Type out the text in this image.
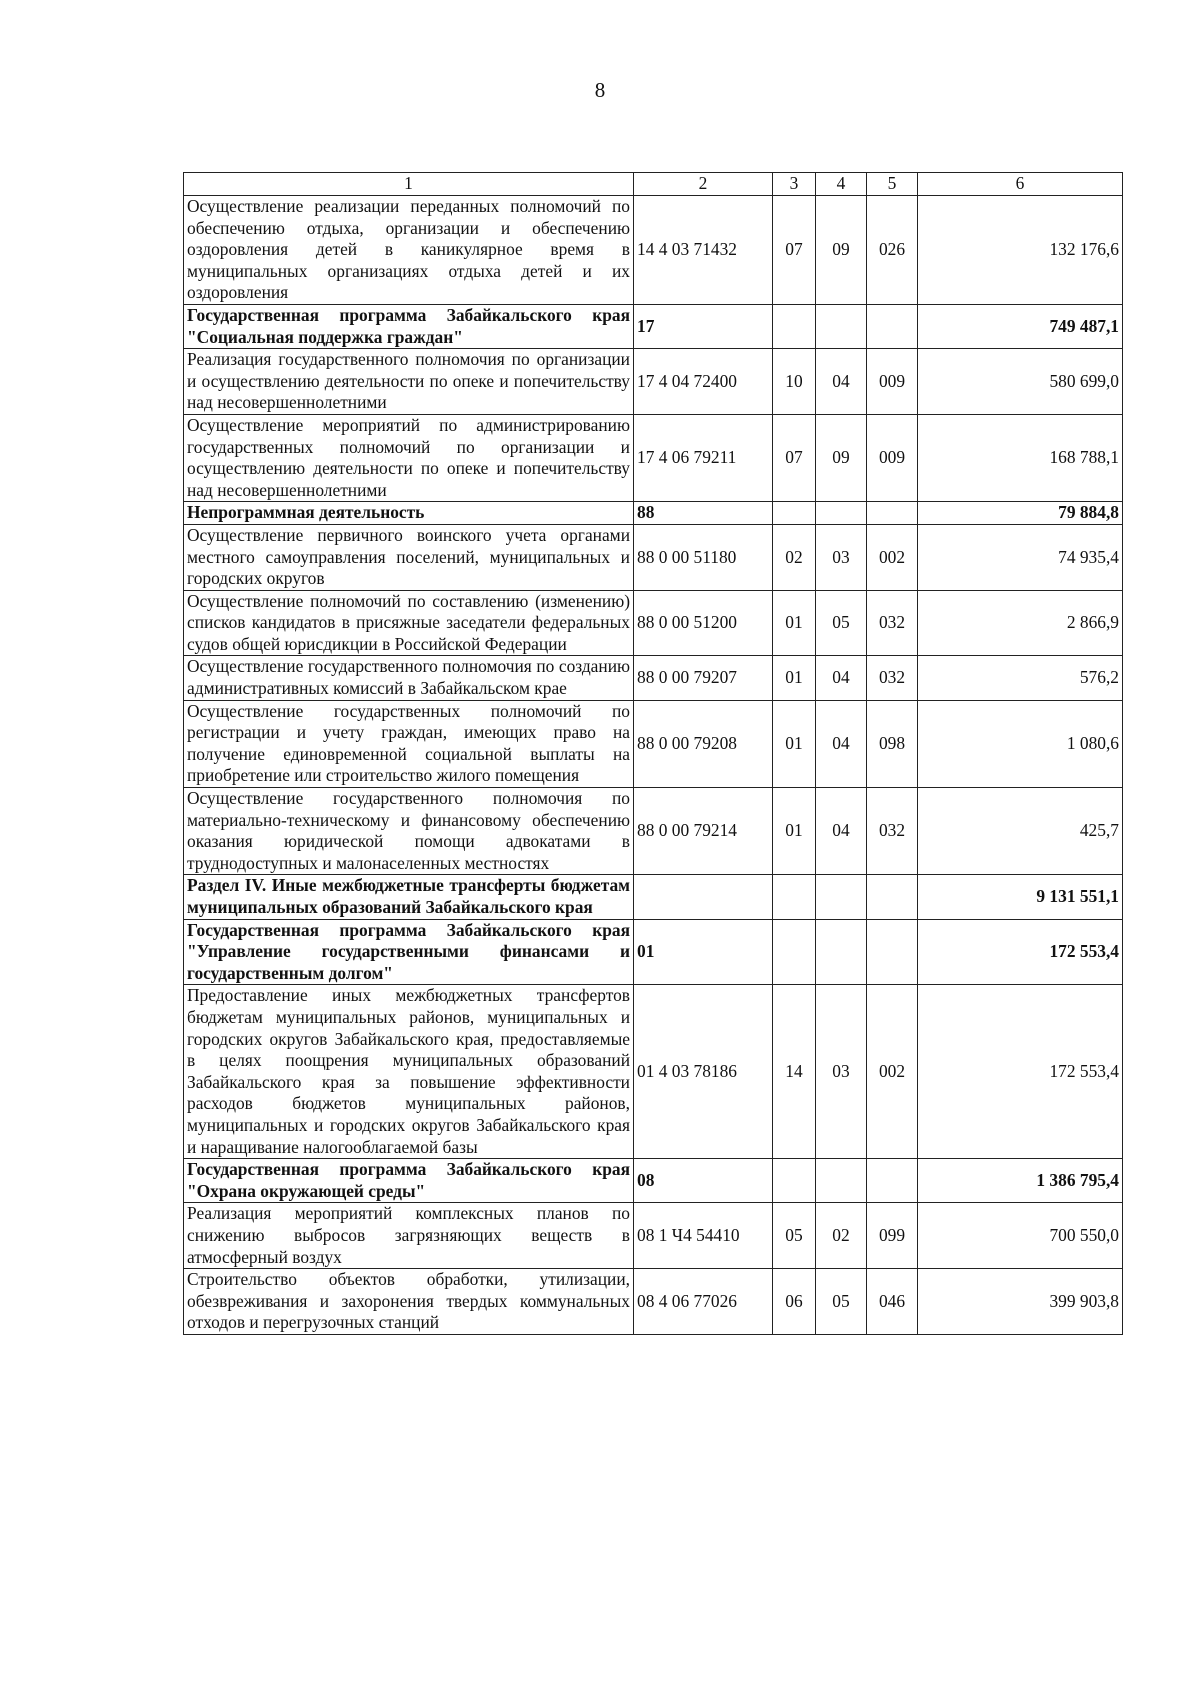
8
1	2	3	4	5	6
Осуществление реализации переданных полномочий по обеспечению отдыха, организации и обеспечению оздоровления детей в каникулярное время в муниципальных организациях отдыха детей и их оздоровления	14 4 03 71432	07	09	026	132 176,6
Государственная программа Забайкальского края "Социальная поддержка граждан"	17				749 487,1
Реализация государственного полномочия по организации и осуществлению деятельности по опеке и попечительству над несовершеннолетними	17 4 04 72400	10	04	009	580 699,0
Осуществление мероприятий по администрированию государственных полномочий по организации и осуществлению деятельности по опеке и попечительству над несовершеннолетними	17 4 06 79211	07	09	009	168 788,1
Непрограммная деятельность	88				79 884,8
Осуществление первичного воинского учета органами местного самоуправления поселений, муниципальных и городских округов	88 0 00 51180	02	03	002	74 935,4
Осуществление полномочий по составлению (изменению) списков кандидатов в присяжные заседатели федеральных судов общей юрисдикции в Российской Федерации	88 0 00 51200	01	05	032	2 866,9
Осуществление государственного полномочия по созданию административных комиссий в Забайкальском крае	88 0 00 79207	01	04	032	576,2
Осуществление государственных полномочий по регистрации и учету граждан, имеющих право на получение единовременной социальной выплаты на приобретение или строительство жилого помещения	88 0 00 79208	01	04	098	1 080,6
Осуществление государственного полномочия по материально-техническому и финансовому обеспечению оказания юридической помощи адвокатами в труднодоступных и малонаселенных местностях	88 0 00 79214	01	04	032	425,7
Раздел IV. Иные межбюджетные трансферты бюджетам муниципальных образований Забайкальского края					9 131 551,1
Государственная программа Забайкальского края "Управление государственными финансами и государственным долгом"	01				172 553,4
Предоставление иных межбюджетных трансфертов бюджетам муниципальных районов, муниципальных и городских округов Забайкальского края, предоставляемые в целях поощрения муниципальных образований Забайкальского края за повышение эффективности расходов бюджетов муниципальных районов, муниципальных и городских округов Забайкальского края и наращивание налогооблагаемой базы	01 4 03 78186	14	03	002	172 553,4
Государственная программа Забайкальского края "Охрана окружающей среды"	08				1 386 795,4
Реализация мероприятий комплексных планов по снижению выбросов загрязняющих веществ в атмосферный воздух	08 1 Ч4 54410	05	02	099	700 550,0
Строительство объектов обработки, утилизации, обезвреживания и захоронения твердых коммунальных отходов и перегрузочных станций	08 4 06 77026	06	05	046	399 903,8
